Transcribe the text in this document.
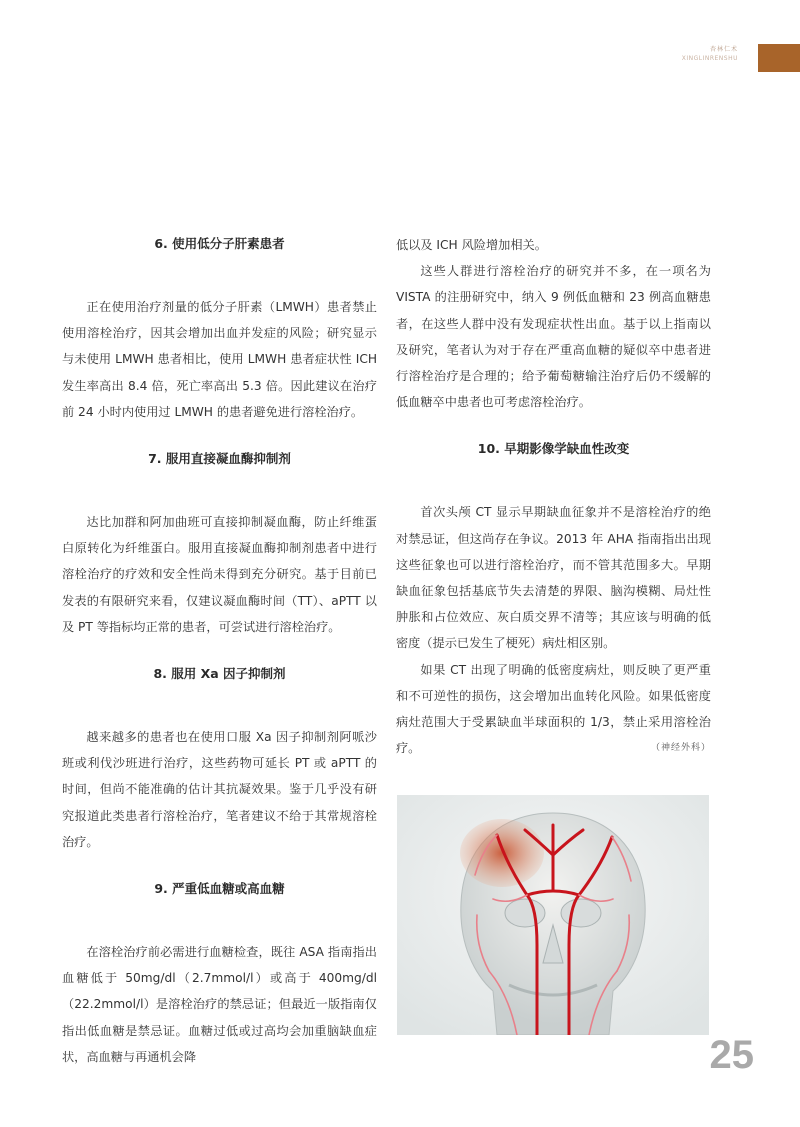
杏林仁术
XINGLINRENSHU
6. 使用低分子肝素患者

正在使用治疗剂量的低分子肝素（LMWH）患者禁止使用溶栓治疗，因其会增加出血并发症的风险；研究显示与未使用 LMWH 患者相比，使用 LMWH 患者症状性 ICH 发生率高出 8.4 倍，死亡率高出 5.3 倍。因此建议在治疗前 24 小时内使用过 LMWH 的患者避免进行溶栓治疗。

7. 服用直接凝血酶抑制剂

达比加群和阿加曲班可直接抑制凝血酶，防止纤维蛋白原转化为纤维蛋白。服用直接凝血酶抑制剂患者中进行溶栓治疗的疗效和安全性尚未得到充分研究。基于目前已发表的有限研究来看，仅建议凝血酶时间（TT）、aPTT 以及 PT 等指标均正常的患者，可尝试进行溶栓治疗。

8. 服用 Xa 因子抑制剂

越来越多的患者也在使用口服 Xa 因子抑制剂阿哌沙班或利伐沙班进行治疗，这些药物可延长 PT 或 aPTT 的时间，但尚不能准确的估计其抗凝效果。鉴于几乎没有研究报道此类患者行溶栓治疗，笔者建议不给于其常规溶栓治疗。

9. 严重低血糖或高血糖

在溶栓治疗前必需进行血糖检查，既往 ASA 指南指出血糖低于 50mg/dl（2.7mmol/l）或高于 400mg/dl（22.2mmol/l）是溶栓治疗的禁忌证；但最近一版指南仅指出低血糖是禁忌证。血糖过低或过高均会加重脑缺血症状，高血糖与再通机会降

低以及 ICH 风险增加相关。

这些人群进行溶栓治疗的研究并不多，在一项名为 VISTA 的注册研究中，纳入 9 例低血糖和 23 例高血糖患者，在这些人群中没有发现症状性出血。基于以上指南以及研究，笔者认为对于存在严重高血糖的疑似卒中患者进行溶栓治疗是合理的；给予葡萄糖输注治疗后仍不缓解的低血糖卒中患者也可考虑溶栓治疗。

10. 早期影像学缺血性改变

首次头颅 CT 显示早期缺血征象并不是溶栓治疗的绝对禁忌证，但这尚存在争议。2013 年 AHA 指南指出出现这些征象也可以进行溶栓治疗，而不管其范围多大。早期缺血征象包括基底节失去清楚的界限、脑沟模糊、局灶性肿胀和占位效应、灰白质交界不清等；其应该与明确的低密度（提示已发生了梗死）病灶相区别。

如果 CT 出现了明确的低密度病灶，则反映了更严重和不可逆性的损伤，这会增加出血转化风险。如果低密度病灶范围大于受累缺血半球面积的 1/3，禁止采用溶栓治疗。	（神经外科）

25
